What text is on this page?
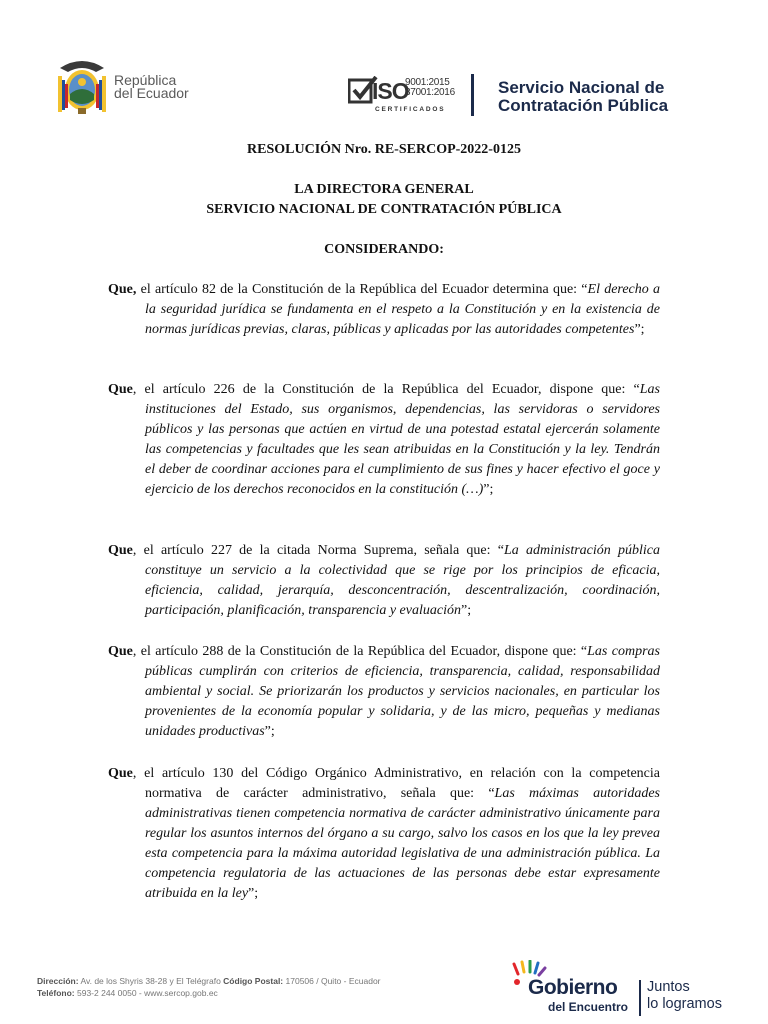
República
del Ecuador	ISO
9001:2015
37001:2016
CERTIFICADOS
Servicio Nacional de
Contratación Pública
RESOLUCIÓN Nro. RE-SERCOP-2022-0125
LA DIRECTORA GENERAL
SERVICIO NACIONAL DE CONTRATACIÓN PÚBLICA
CONSIDERANDO:
Que, el artículo 82 de la Constitución de la República del Ecuador determina que: “El derecho a la seguridad jurídica se fundamenta en el respeto a la Constitución y en la existencia de normas jurídicas previas, claras, públicas y aplicadas por las autoridades competentes”;
Que, el artículo 226 de la Constitución de la República del Ecuador, dispone que: “Las instituciones del Estado, sus organismos, dependencias, las servidoras o servidores públicos y las personas que actúen en virtud de una potestad estatal ejercerán solamente las competencias y facultades que les sean atribuidas en la Constitución y la ley. Tendrán el deber de coordinar acciones para el cumplimiento de sus fines y hacer efectivo el goce y ejercicio de los derechos reconocidos en la constitución (…)”;
Que, el artículo 227 de la citada Norma Suprema, señala que: “La administración pública constituye un servicio a la colectividad que se rige por los principios de eficacia, eficiencia, calidad, jerarquía, desconcentración, descentralización, coordinación, participación, planificación, transparencia y evaluación”;
Que, el artículo 288 de la Constitución de la República del Ecuador, dispone que: “Las compras públicas cumplirán con criterios de eficiencia, transparencia, calidad, responsabilidad ambiental y social. Se priorizarán los productos y servicios nacionales, en particular los provenientes de la economía popular y solidaria, y de las micro, pequeñas y medianas unidades productivas”;
Que, el artículo 130 del Código Orgánico Administrativo, en relación con la competencia normativa de carácter administrativo, señala que: “Las máximas autoridades administrativas tienen competencia normativa de carácter administrativo únicamente para regular los asuntos internos del órgano a su cargo, salvo los casos en los que la ley prevea esta competencia para la máxima autoridad legislativa de una administración pública. La competencia regulatoria de las actuaciones de las personas debe estar expresamente atribuida en la ley”;
Dirección: Av. de los Shyris 38-28 y El Telégrafo Código Postal: 170506 / Quito - Ecuador
Teléfono: 593-2 244 0050 - www.sercop.gob.ec	Gobierno
del Encuentro
Juntos
lo logramos
